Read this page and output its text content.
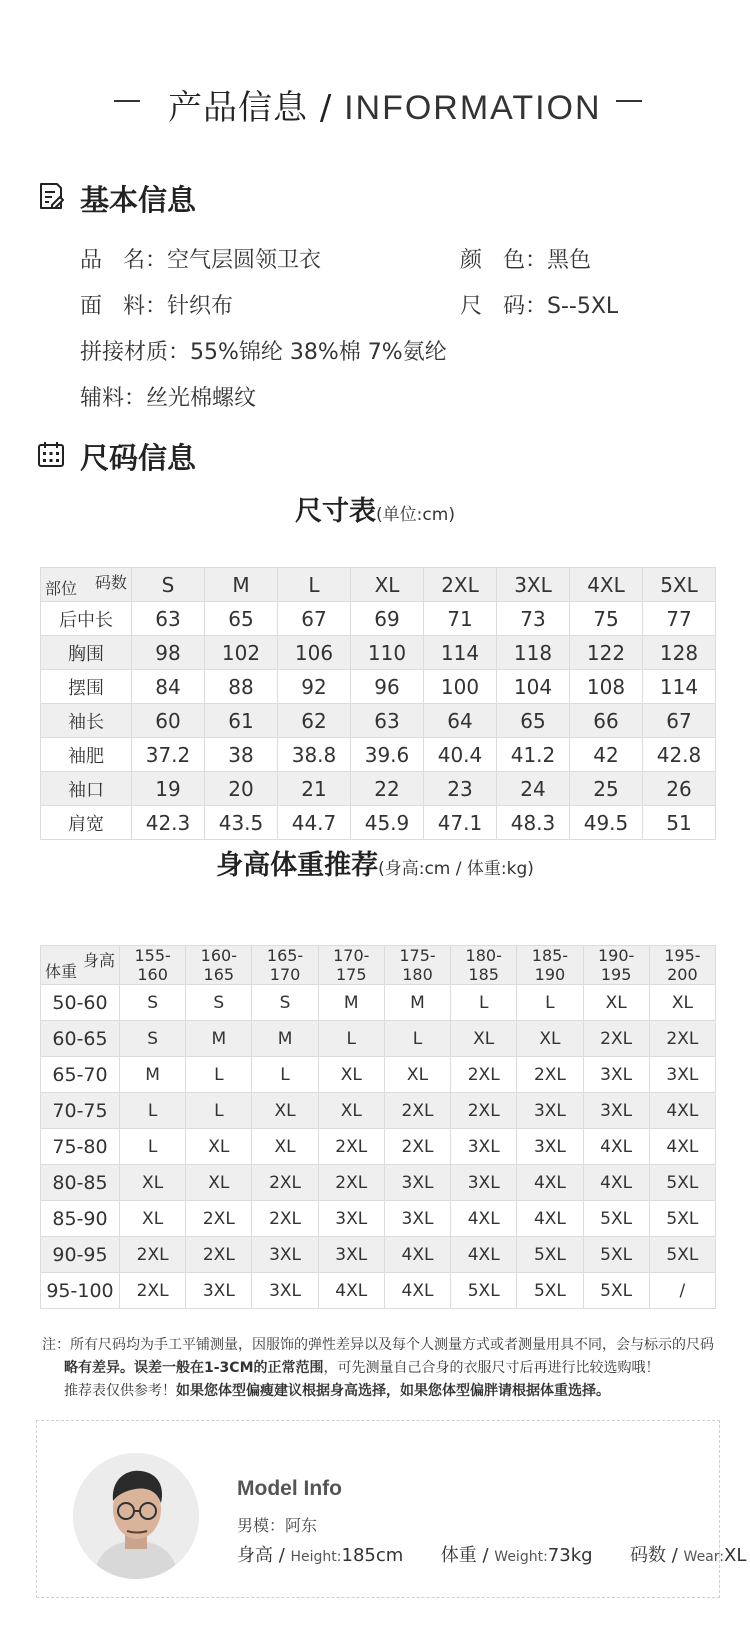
产品信息 / INFORMATION
基本信息
品   名：空气层圆领卫衣	颜   色：黑色
面   料：针织布	尺   码：S--5XL
拼接材质：55%锦纶 38%棉 7%氨纶
辅料：丝光棉螺纹
尺码信息
尺寸表(单位:cm)
码数
部位	S	M	L	XL	2XL	3XL	4XL	5XL
后中长	63	65	67	69	71	73	75	77
胸围	98	102	106	110	114	118	122	128
摆围	84	88	92	96	100	104	108	114
袖长	60	61	62	63	64	65	66	67
袖肥	37.2	38	38.8	39.6	40.4	41.2	42	42.8
袖口	19	20	21	22	23	24	25	26
肩宽	42.3	43.5	44.7	45.9	47.1	48.3	49.5	51
身高体重推荐(身高:cm / 体重:kg)
身高
体重	155-160	160-165	165-170	170-175	175-180	180-185	185-190	190-195	195-200
50-60	S	S	S	M	M	L	L	XL	XL
60-65	S	M	M	L	L	XL	XL	2XL	2XL
65-70	M	L	L	XL	XL	2XL	2XL	3XL	3XL
70-75	L	L	XL	XL	2XL	2XL	3XL	3XL	4XL
75-80	L	XL	XL	2XL	2XL	3XL	3XL	4XL	4XL
80-85	XL	XL	2XL	2XL	3XL	3XL	4XL	4XL	5XL
85-90	XL	2XL	2XL	3XL	3XL	4XL	4XL	5XL	5XL
90-95	2XL	2XL	3XL	3XL	4XL	4XL	5XL	5XL	5XL
95-100	2XL	3XL	3XL	4XL	4XL	5XL	5XL	5XL	/
注：所有尺码均为手工平铺测量，因服饰的弹性差异以及每个人测量方式或者测量用具不同，会与标示的尺码
略有差异。误差一般在1-3CM的正常范围，可先测量自己合身的衣服尺寸后再进行比较选购哦！
推荐表仅供参考！如果您体型偏瘦建议根据身高选择，如果您体型偏胖请根据体重选择。
Model Info
男模：阿东
身高 / Height:185cm 体重 / Weight:73kg 码数 / Wear:XL
